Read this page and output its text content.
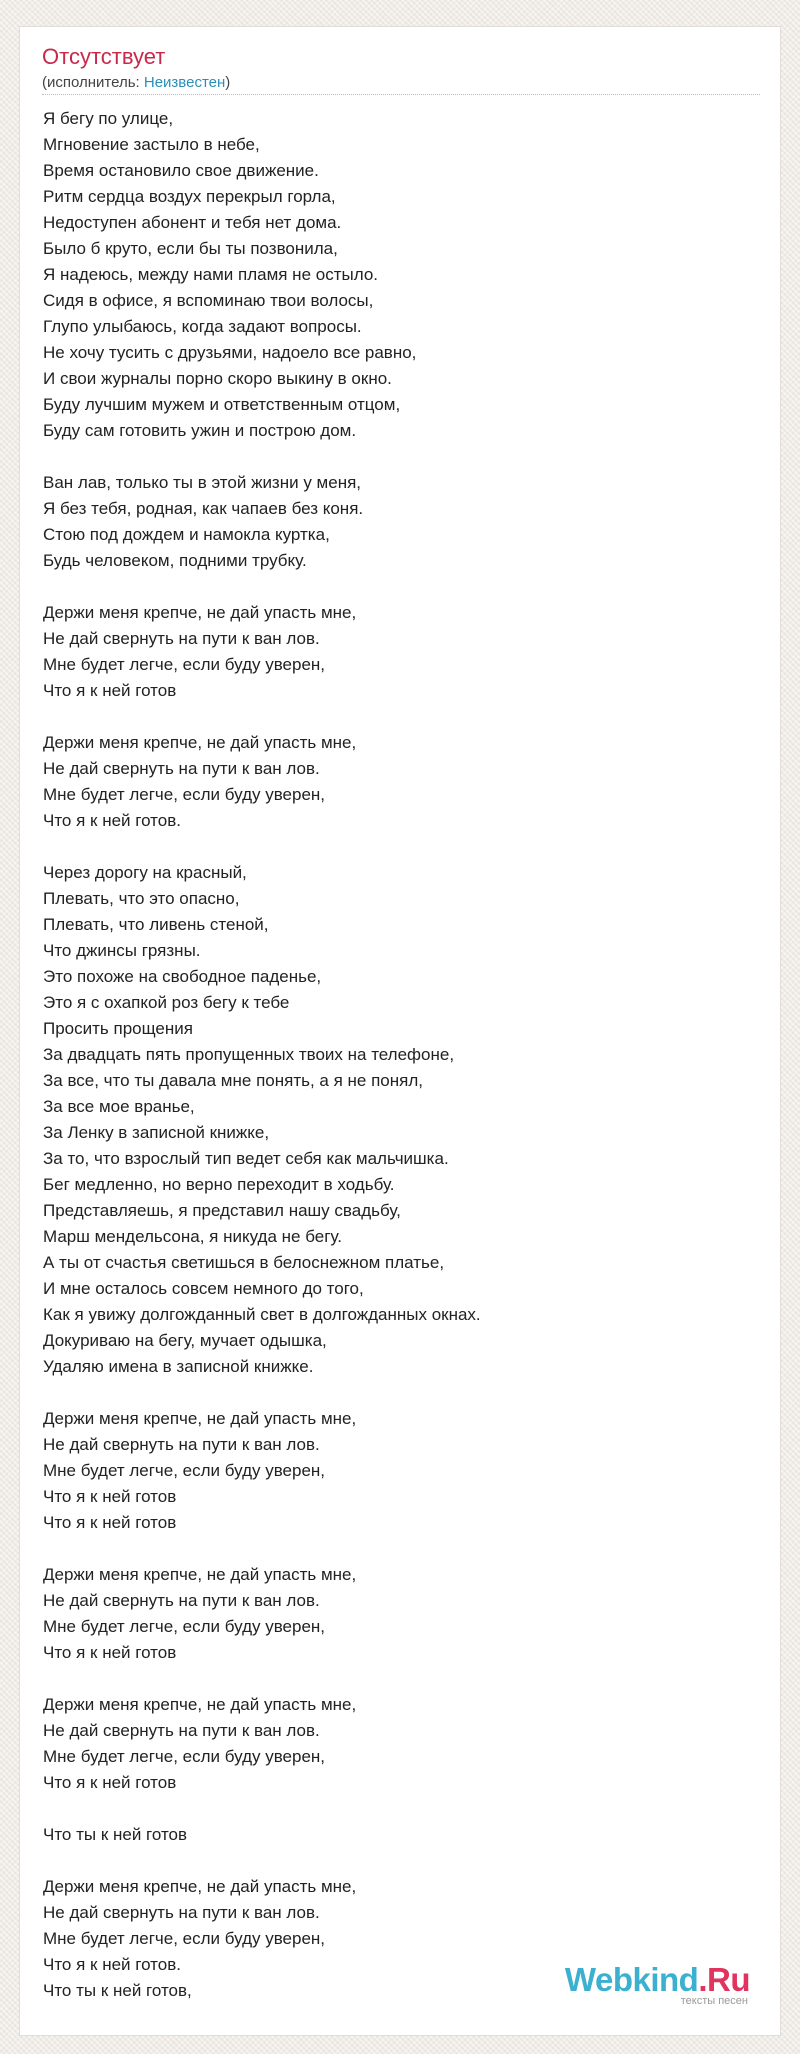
Отсутствует
(исполнитель: Неизвестен)
Я бегу по улице,
Мгновение застыло в небе,
Время остановило свое движение.
Ритм сердца воздух перекрыл горла,
Недоступен абонент и тебя нет дома.
Было б круто, если бы ты позвонила,
Я надеюсь, между нами пламя не остыло.
Сидя в офисе, я вспоминаю твои волосы,
Глупо улыбаюсь, когда задают вопросы.
Не хочу тусить с друзьями, надоело все равно,
И свои журналы порно скоро выкину в окно.
Буду лучшим мужем и ответственным отцом,
Буду сам готовить ужин и построю дом.
Ван лав, только ты в этой жизни у меня,
Я без тебя, родная, как чапаев без коня.
Стою под дождем и намокла куртка,
Будь человеком, подними трубку.
Держи меня крепче, не дай упасть мне,
Не дай свернуть на пути к ван лов.
Мне будет легче, если буду уверен,
Что я к ней готов
Держи меня крепче, не дай упасть мне,
Не дай свернуть на пути к ван лов.
Мне будет легче, если буду уверен,
Что я к ней готов.
Через дорогу на красный,
Плевать, что это опасно,
Плевать, что ливень стеной,
Что джинсы грязны.
Это похоже на свободное паденье,
Это я с охапкой роз бегу к тебе
Просить прощения
За двадцать пять пропущенных твоих на телефоне,
За все, что ты давала мне понять, а я не понял,
За все мое вранье,
За Ленку в записной книжке,
За то, что взрослый тип ведет себя как мальчишка.
Бег медленно, но верно переходит в ходьбу.
Представляешь, я представил нашу свадьбу,
Марш мендельсона, я никуда не бегу.
А ты от счастья светишься в белоснежном платье,
И мне осталось совсем немного до того,
Как я увижу долгожданный свет в долгожданных окнах.
Докуриваю на бегу, мучает одышка,
Удаляю имена в записной книжке.
Держи меня крепче, не дай упасть мне,
Не дай свернуть на пути к ван лов.
Мне будет легче, если буду уверен,
Что я к ней готов
Что я к ней готов
Держи меня крепче, не дай упасть мне,
Не дай свернуть на пути к ван лов.
Мне будет легче, если буду уверен,
Что я к ней готов
Держи меня крепче, не дай упасть мне,
Не дай свернуть на пути к ван лов.
Мне будет легче, если буду уверен,
Что я к ней готов
Что ты к ней готов
Держи меня крепче, не дай упасть мне,
Не дай свернуть на пути к ван лов.
Мне будет легче, если буду уверен,
Что я к ней готов.
Что ты к ней готов,	Webkind.Ru
тексты песен
